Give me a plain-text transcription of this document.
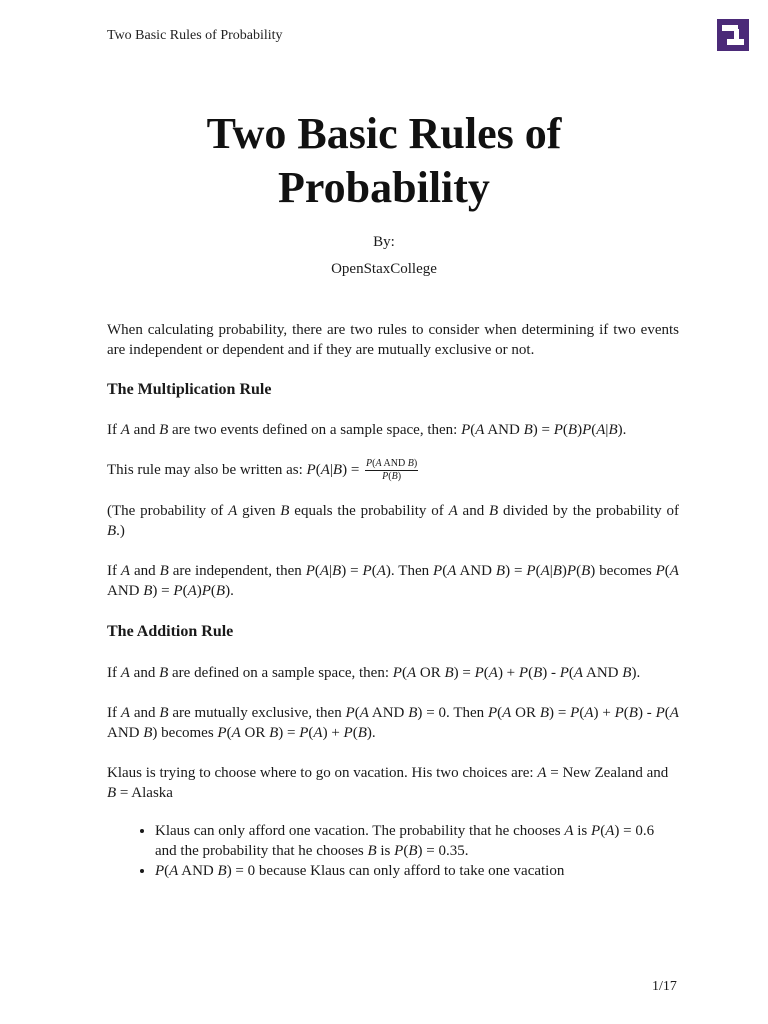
Two Basic Rules of Probability
Two Basic Rules of
Probability
By:
OpenStaxCollege

When calculating probability, there are two rules to consider when determining if two events are independent or dependent and if they are mutually exclusive or not.

The Multiplication Rule

If A and B are two events defined on a sample space, then: P(A AND B) = P(B)P(A|B).

This rule may also be written as: $P(A|B) = \frac{\text{P(A AND B)}}{P(B)}$

(The probability of A given B equals the probability of A and B divided by the probability of B.)

If A and B are independent, then P(A|B) = P(A). Then P(A AND B) = P(A|B)P(B) becomes P(A AND B) = P(A)P(B).

The Addition Rule

If A and B are defined on a sample space, then: P(A OR B) = P(A) + P(B) - P(A AND B).

If A and B are mutually exclusive, then P(A AND B) = 0. Then P(A OR B) = P(A) + P(B) - P(A AND B) becomes P(A OR B) = P(A) + P(B).

Klaus is trying to choose where to go on vacation. His two choices are: A = New Zealand and B = Alaska

• Klaus can only afford one vacation. The probability that he chooses A is P(A) = 0.6 and the probability that he chooses B is P(B) = 0.35.
• P(A AND B) = 0 because Klaus can only afford to take one vacation
1/17
